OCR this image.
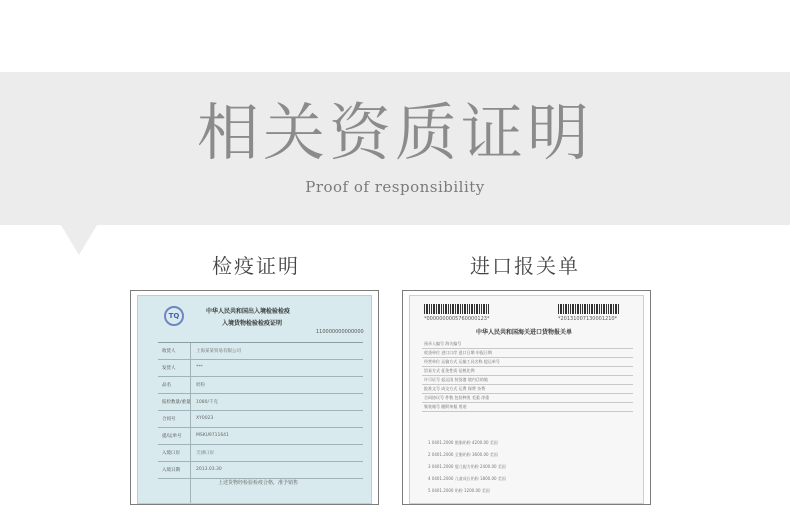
相关资质证明
Proof of responsibility
检疫证明	进口报关单
TQ
中华人民共和国出入境检验检疫
入境货物检验检疫证明
110000000000000
收货人	上海某某贸易有限公司
发货人	***
品名	奶粉
报检数量/重量 1080/千克
合同号	XY0023
提/运单号	MSKU9711641
入境口岸	天津口岸
入境日期	2013.03.30
上述货物经检验检疫合格，准予销售
*0000000005760000123*	*20131007130001210*
中华人民共和国海关进口货物报关单
预录入编号 海关编号
收货单位 进口口岸 进口日期 申报日期
经营单位 运输方式 运输工具名称 提运单号
贸易方式 征免性质 征税比例
许可证号 起运国 装货港 境内目的地
批准文号 成交方式 运费 保费 杂费
合同协议号 件数 包装种类 毛重 净重
集装箱号 随附单据 用途
1 0401.2000 脱脂奶粉 4200.00 美国
2 0401.2000 全脂奶粉 3600.00 美国
3 0401.2000 婴儿配方奶粉 2400.00 美国
4 0401.2000 儿童成长奶粉 1800.00 美国
5 0401.2000 奶粉 1200.00 美国
